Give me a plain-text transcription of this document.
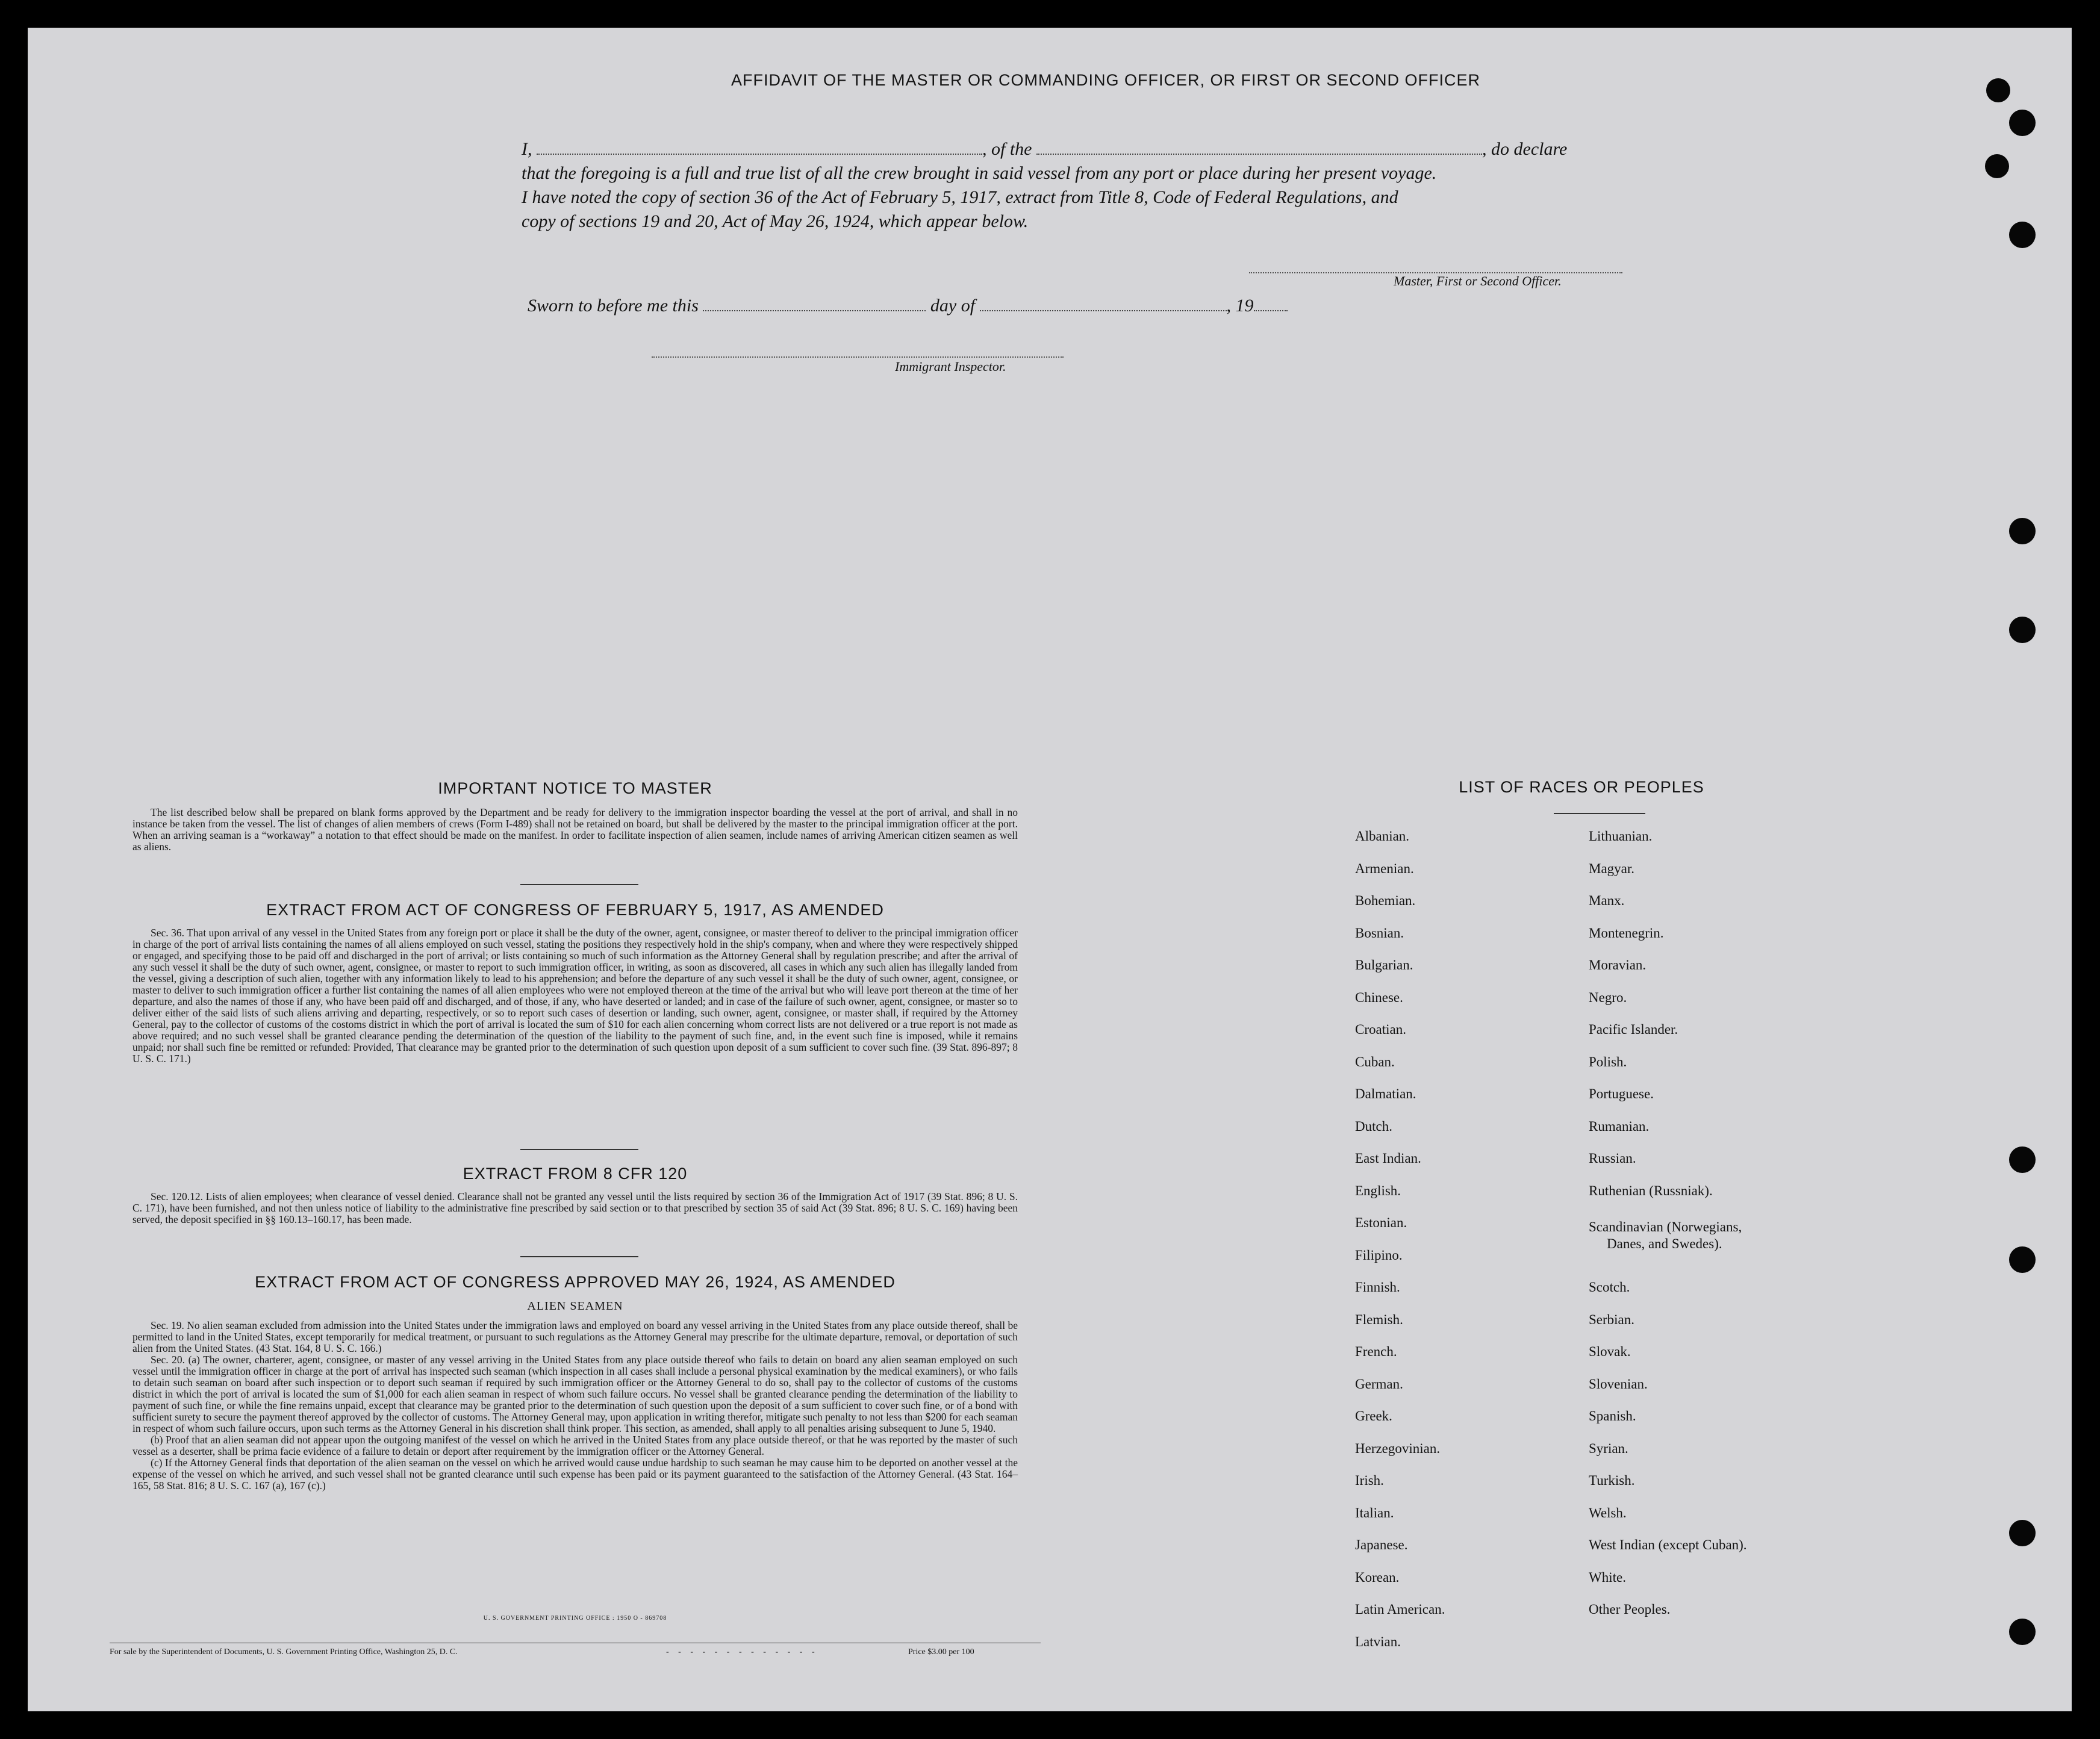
AFFIDAVIT OF THE MASTER OR COMMANDING OFFICER, OR FIRST OR SECOND OFFICER
I,	, of the	, do declare
that the foregoing is a full and true list of all the crew brought in said vessel from any port or place during her present voyage.
I have noted the copy of section 36 of the Act of February 5, 1917, extract from Title 8, Code of Federal Regulations, and
copy of sections 19 and 20, Act of May 26, 1924, which appear below.
Master, First or Second Officer.
Sworn to before me this	day of	, 19
Immigrant Inspector.
IMPORTANT NOTICE TO MASTER
The list described below shall be prepared on blank forms approved by the Department and be ready for delivery to the immigration inspector boarding the vessel at the port of arrival, and shall in no instance be taken from the vessel. The list of changes of alien members of crews (Form I-489) shall not be retained on board, but shall be delivered by the master to the principal immigration officer at the port. When an arriving seaman is a “workaway” a notation to that effect should be made on the manifest. In order to facilitate inspection of alien seamen, include names of arriving American citizen seamen as well as aliens.
EXTRACT FROM ACT OF CONGRESS OF FEBRUARY 5, 1917, AS AMENDED
Sec. 36. That upon arrival of any vessel in the United States from any foreign port or place it shall be the duty of the owner, agent, consignee, or master thereof to deliver to the principal immigration officer in charge of the port of arrival lists containing the names of all aliens employed on such vessel, stating the positions they respectively hold in the ship's company, when and where they were respectively shipped or engaged, and specifying those to be paid off and discharged in the port of arrival; or lists containing so much of such information as the Attorney General shall by regulation prescribe; and after the arrival of any such vessel it shall be the duty of such owner, agent, consignee, or master to report to such immigration officer, in writing, as soon as discovered, all cases in which any such alien has illegally landed from the vessel, giving a description of such alien, together with any information likely to lead to his apprehension; and before the departure of any such vessel it shall be the duty of such owner, agent, consignee, or master to deliver to such immigration officer a further list containing the names of all alien employees who were not employed thereon at the time of the arrival but who will leave port thereon at the time of her departure, and also the names of those if any, who have been paid off and discharged, and of those, if any, who have deserted or landed; and in case of the failure of such owner, agent, consignee, or master so to deliver either of the said lists of such aliens arriving and departing, respectively, or so to report such cases of desertion or landing, such owner, agent, consignee, or master shall, if required by the Attorney General, pay to the collector of customs of the costoms district in which the port of arrival is located the sum of $10 for each alien concerning whom correct lists are not delivered or a true report is not made as above required; and no such vessel shall be granted clearance pending the determination of the question of the liability to the payment of such fine, and, in the event such fine is imposed, while it remains unpaid; nor shall such fine be remitted or refunded: Provided, That clearance may be granted prior to the determination of such question upon deposit of a sum sufficient to cover such fine. (39 Stat. 896-897; 8 U. S. C. 171.)
EXTRACT FROM 8 CFR 120
Sec. 120.12. Lists of alien employees; when clearance of vessel denied. Clearance shall not be granted any vessel until the lists required by section 36 of the Immigration Act of 1917 (39 Stat. 896; 8 U. S. C. 171), have been furnished, and not then unless notice of liability to the administrative fine prescribed by said section or to that prescribed by section 35 of said Act (39 Stat. 896; 8 U. S. C. 169) having been served, the deposit specified in §§ 160.13–160.17, has been made.
EXTRACT FROM ACT OF CONGRESS APPROVED MAY 26, 1924, AS AMENDED
ALIEN SEAMEN

Sec. 19. No alien seaman excluded from admission into the United States under the immigration laws and employed on board any vessel arriving in the United States from any place outside thereof, shall be permitted to land in the United States, except temporarily for medical treatment, or pursuant to such regulations as the Attorney General may prescribe for the ultimate departure, removal, or deportation of such alien from the United States. (43 Stat. 164, 8 U. S. C. 166.)

Sec. 20. (a) The owner, charterer, agent, consignee, or master of any vessel arriving in the United States from any place outside thereof who fails to detain on board any alien seaman employed on such vessel until the immigration officer in charge at the port of arrival has inspected such seaman (which inspection in all cases shall include a personal physical examination by the medical examiners), or who fails to detain such seaman on board after such inspection or to deport such seaman if required by such immigration officer or the Attorney General to do so, shall pay to the collector of customs of the customs district in which the port of arrival is located the sum of $1,000 for each alien seaman in respect of whom such failure occurs. No vessel shall be granted clearance pending the determination of the liability to payment of such fine, or while the fine remains unpaid, except that clearance may be granted prior to the determination of such question upon the deposit of a sum sufficient to cover such fine, or of a bond with sufficient surety to secure the payment thereof approved by the collector of customs. The Attorney General may, upon application in writing therefor, mitigate such penalty to not less than $200 for each seaman in respect of whom such failure occurs, upon such terms as the Attorney General in his discretion shall think proper. This section, as amended, shall apply to all penalties arising subsequent to June 5, 1940.

(b) Proof that an alien seaman did not appear upon the outgoing manifest of the vessel on which he arrived in the United States from any place outside thereof, or that he was reported by the master of such vessel as a deserter, shall be prima facie evidence of a failure to detain or deport after requirement by the immigration officer or the Attorney General.

(c) If the Attorney General finds that deportation of the alien seaman on the vessel on which he arrived would cause undue hardship to such seaman he may cause him to be deported on another vessel at the expense of the vessel on which he arrived, and such vessel shall not be granted clearance until such expense has been paid or its payment guaranteed to the satisfaction of the Attorney General. (43 Stat. 164–165, 58 Stat. 816; 8 U. S. C. 167 (a), 167 (c).)

U. S. GOVERNMENT PRINTING OFFICE : 1950 O - 869708
For sale by the Superintendent of Documents, U. S. Government Printing Office, Washington 25, D. C.	- - - - - - - - - - - - -	Price $3.00 per 100
LIST OF RACES OR PEOPLES
Albanian.
Armenian.
Bohemian.
Bosnian.
Bulgarian.
Chinese.
Croatian.
Cuban.
Dalmatian.
Dutch.
East Indian.
English.
Estonian.
Filipino.
Finnish.
Flemish.
French.
German.
Greek.
Herzegovinian.
Irish.
Italian.
Japanese.
Korean.
Latin American.
Latvian.
Lithuanian.
Magyar.
Manx.
Montenegrin.
Moravian.
Negro.
Pacific Islander.
Polish.
Portuguese.
Rumanian.
Russian.
Ruthenian (Russniak).
Scandinavian (Norwegians,
Danes, and Swedes).
Scotch.
Serbian.
Slovak.
Slovenian.
Spanish.
Syrian.
Turkish.
Welsh.
West Indian (except Cuban).
White.
Other Peoples.
